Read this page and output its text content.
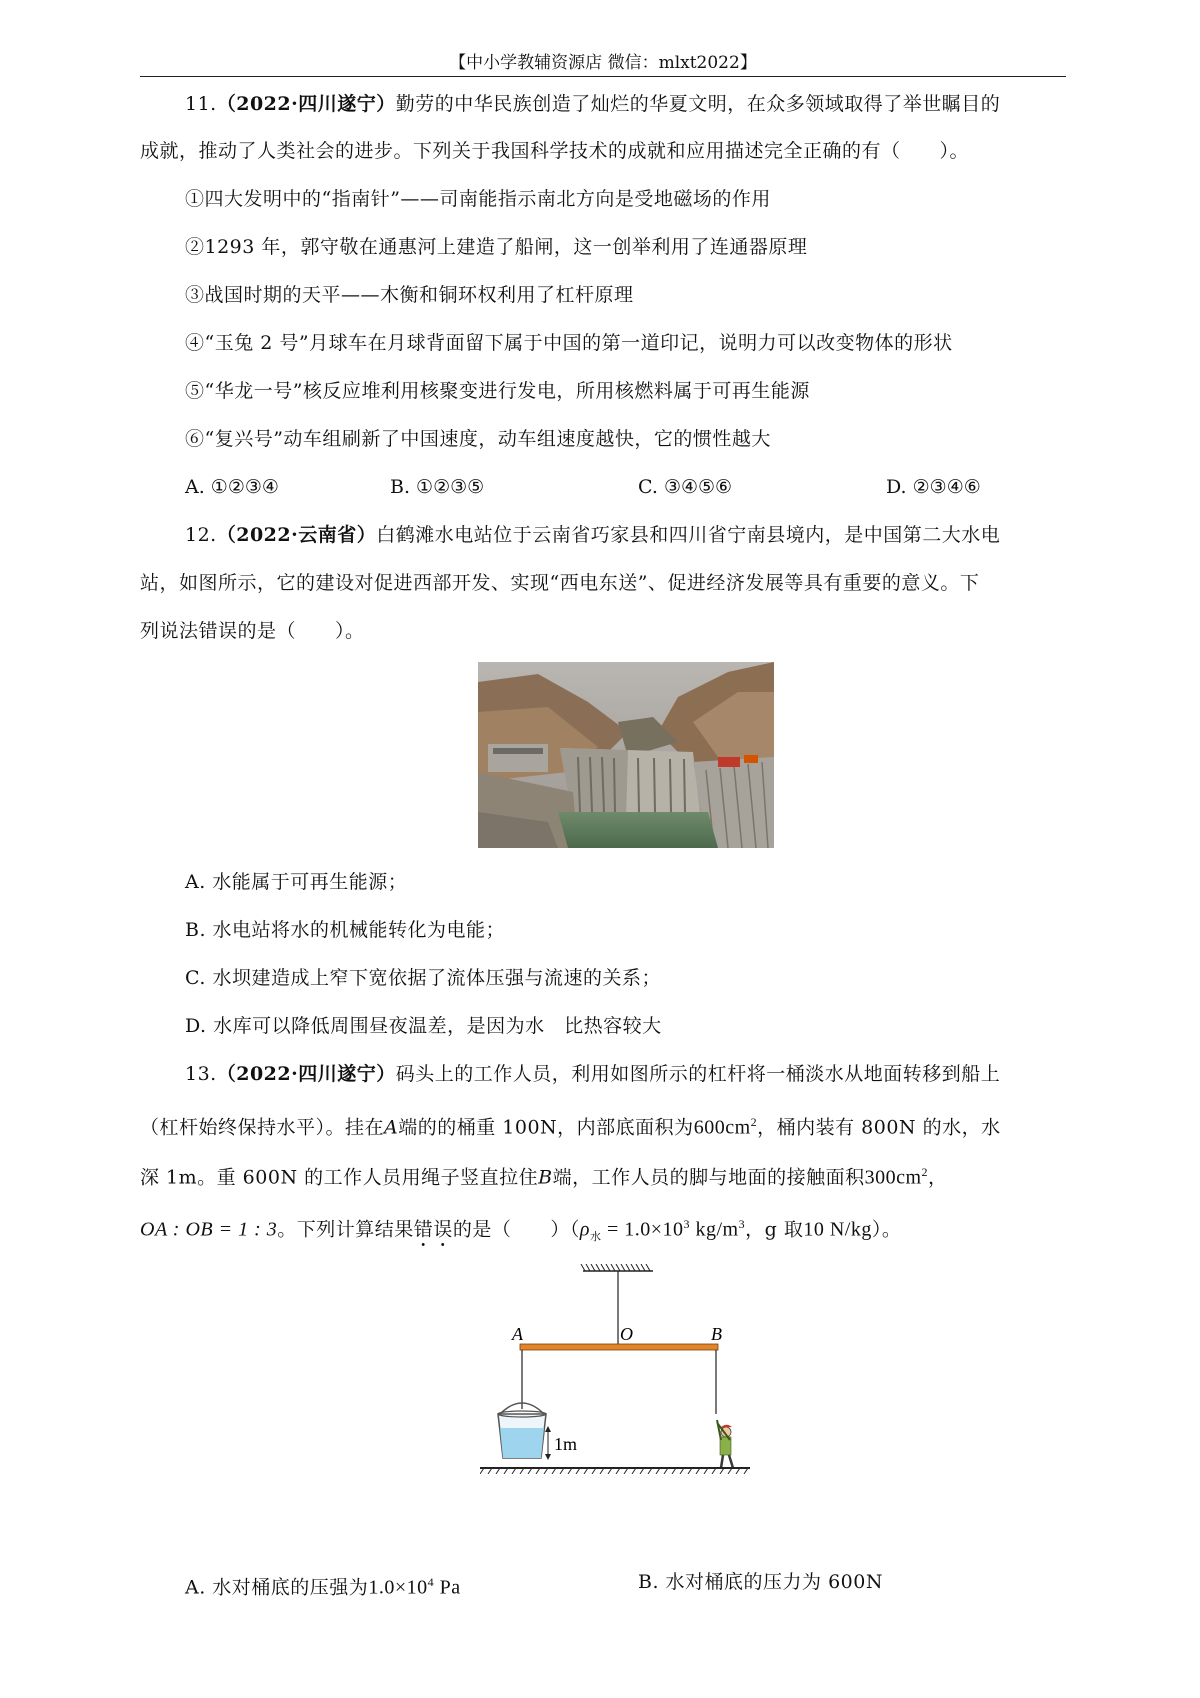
【中小学教辅资源店 微信：mlxt2022】
11.（2022·四川遂宁）勤劳的中华民族创造了灿烂的华夏文明，在众多领域取得了举世瞩目的
成就，推动了人类社会的进步。下列关于我国科学技术的成就和应用描述完全正确的有（　　）。
①四大发明中的“指南针”——司南能指示南北方向是受地磁场的作用
②1293 年，郭守敬在通惠河上建造了船闸，这一创举利用了连通器原理
③战国时期的天平——木衡和铜环权利用了杠杆原理
④“玉兔 2 号”月球车在月球背面留下属于中国的第一道印记，说明力可以改变物体的形状
⑤“华龙一号”核反应堆利用核聚变进行发电，所用核燃料属于可再生能源
⑥“复兴号”动车组刷新了中国速度，动车组速度越快，它的惯性越大
A. ①②③④	B. ①②③⑤	C. ③④⑤⑥	D. ②③④⑥
12.（2022·云南省）白鹤滩水电站位于云南省巧家县和四川省宁南县境内，是中国第二大水电
站，如图所示，它的建设对促进西部开发、实现“西电东送”、促进经济发展等具有重要的意义。下
列说法错误的是（　　）。
A. 水能属于可再生能源；
B. 水电站将水的机械能转化为电能；
C. 水坝建造成上窄下宽依据了流体压强与流速的关系；
D. 水库可以降低周围昼夜温差，是因为水　比热容较大
13.（2022·四川遂宁）码头上的工作人员，利用如图所示的杠杆将一桶淡水从地面转移到船上
（杠杆始终保持水平）。挂在A端的的桶重 100N，内部底面积为$600cm^2$，桶内装有 800N 的水，水
深 1m。重 600N 的工作人员用绳子竖直拉住B端，工作人员的脚与地面的接触面积$300cm^2$，
OA : OB = 1 : 3。下列计算结果错误的是（　　）（$\rho_水 = 1.0\times 10^3$ $kg/m^3$，g 取10 N/kg）。
A	O	B
1m
A. 水对桶底的压强为$1.0\times 10^4$ Pa	B. 水对桶底的压力为 600N
